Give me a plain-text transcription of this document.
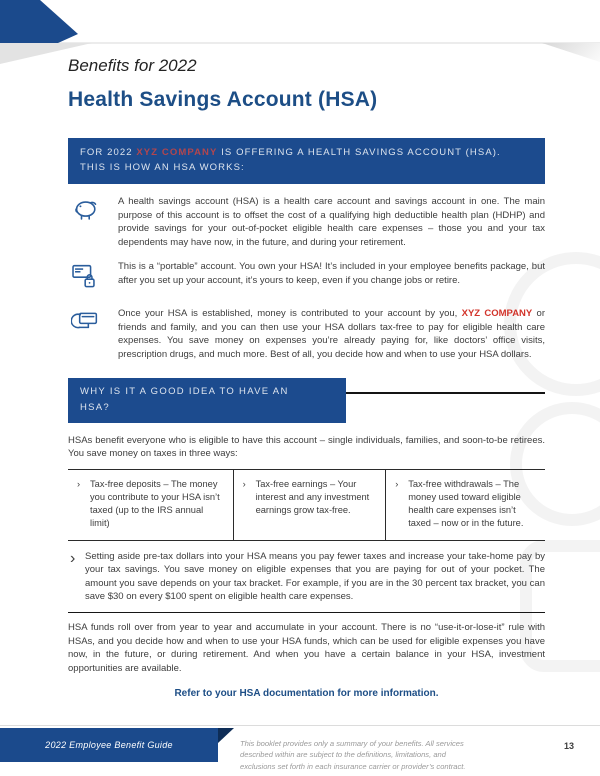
Benefits for 2022

Health Savings Account (HSA)
FOR 2022 XYZ COMPANY IS OFFERING A HEALTH SAVINGS ACCOUNT (HSA).
THIS IS HOW AN HSA WORKS:

A health savings account (HSA) is a health care account and savings account in one. The main purpose of this account is to offset the cost of a qualifying high deductible health plan (HDHP) and provide savings for your out-of-pocket eligible health care expenses – those you and your tax dependents may have now, in the future, and during your retirement.

This is a “portable” account. You own your HSA! It’s included in your employee benefits package, but after you set up your account, it’s yours to keep, even if you change jobs or retire.

Once your HSA is established, money is contributed to your account by you, XYZ COMPANY or friends and family, and you can then use your HSA dollars tax-free to pay for eligible health care expenses. You save money on expenses you’re already paying for, like doctors’ office visits, prescription drugs, and much more. Best of all, you decide how and when to use your HSA dollars.

WHY IS IT A GOOD IDEA TO HAVE AN
HSA?

HSAs benefit everyone who is eligible to have this account – single individuals, families, and soon-to-be retirees. You save money on taxes in three ways:

›	Tax-free deposits – The money you contribute to your HSA isn’t taxed (up to the IRS annual limit)
›	Tax-free earnings – Your interest and any investment earnings grow tax-free.
›	Tax-free withdrawals – The money used toward eligible health care expenses isn’t taxed – now or in the future.
›	Setting aside pre-tax dollars into your HSA means you pay fewer taxes and increase your take-home pay by your tax savings. You save money on eligible expenses that you are paying for out of your pocket. The amount you save depends on your tax bracket. For example, if you are in the 30 percent tax bracket, you can save $30 on every $100 spent on eligible health care expenses.

HSA funds roll over from year to year and accumulate in your account. There is no “use-it-or-lose-it” rule with HSAs, and you decide how and when to use your HSA funds, which can be used for eligible expenses you have now, in the future, or during retirement. And when you have a certain balance in your HSA, investment opportunities are available.

Refer to your HSA documentation for more information.

2022 Employee Benefit Guide	This booklet provides only a summary of your benefits. All services described within are subject to the definitions, limitations, and exclusions set forth in each insurance carrier or provider’s contract.

13
